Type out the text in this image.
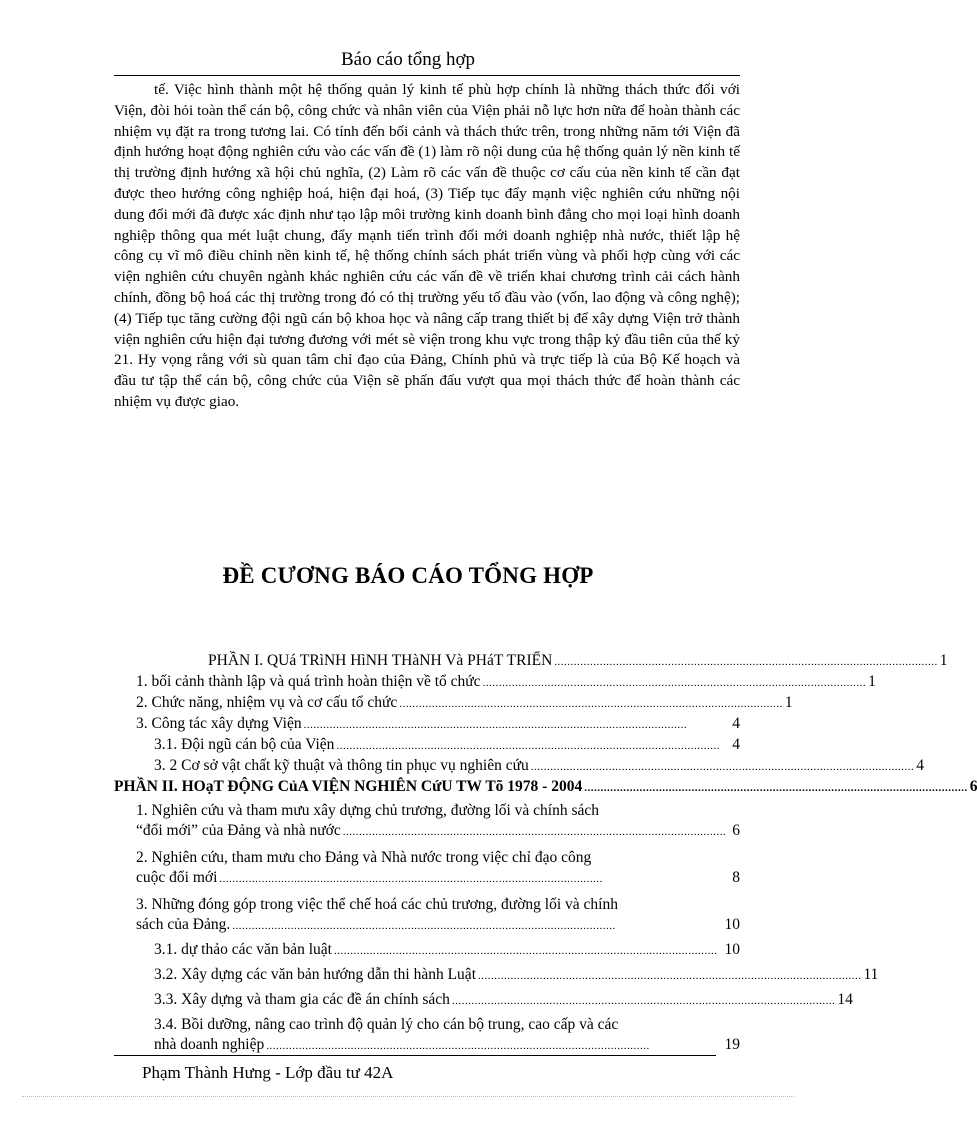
Báo cáo tổng hợp

tế. Việc hình thành một hệ thống quản lý kinh tế phù hợp chính là những thách thức đối với Viện, đòi hỏi toàn thể cán bộ, công chức và nhân viên của Viện phải nỗ lực hơn nữa để hoàn thành các nhiệm vụ đặt ra trong tương lai. Có tính đến bối cảnh và thách thức trên, trong những năm tới Viện đã định hướng hoạt động nghiên cứu vào các vấn đề (1) làm rõ nội dung của hệ thống quản lý nền kinh tế thị trường định hướng xã hội chủ nghĩa, (2) Làm rõ các vấn đề thuộc cơ cấu của nền kinh tế cần đạt được theo hướng công nghiệp hoá, hiện đại hoá, (3) Tiếp tục đẩy mạnh việc nghiên cứu những nội dung đổi mới đã được xác định như tạo lập môi trường kinh doanh bình đẳng cho mọi loại hình doanh nghiệp thông qua mét luật chung, đẩy mạnh tiến trình đổi mới doanh nghiệp nhà nước, thiết lập hệ công cụ vĩ mô điều chỉnh nền kinh tế, hệ thống chính sách phát triển vùng và phối hợp cùng với các viện nghiên cứu chuyên ngành khác nghiên cứu các vấn đề về triển khai chương trình cải cách hành chính, đồng bộ hoá các thị trường trong đó có thị trường yếu tố đầu vào (vốn, lao động và công nghệ); (4) Tiếp tục tăng cường đội ngũ cán bộ khoa học và nâng cấp trang thiết bị để xây dựng Viện trở thành viện nghiên cứu hiện đại tương đương với mét sè viện trong khu vực trong thập kỷ đầu tiên của thế kỷ 21. Hy vọng rằng với sù quan tâm chỉ đạo của Đảng, Chính phủ và trực tiếp là của Bộ Kế hoạch và đầu tư tập thể cán bộ, công chức của Viện sẽ phấn đấu vượt qua mọi thách thức để hoàn thành các nhiệm vụ được giao.

ĐỀ CƯƠNG BÁO CÁO TỔNG HỢP
PHẦN I. QUá TRìNH HìNH THàNH Và PHáT TRIỂN ...................................................................................................................... 1
1. bối cảnh thành lập và quá trình hoàn thiện về tổ chức ...................................................................................................................... 1
2. Chức năng, nhiệm vụ và cơ cấu tổ chức ...................................................................................................................... 1
3. Công tác xây dựng Viện ......................................................................................................................	4
3.1. Đội ngũ cán bộ của Viện ...................................................................................................................... 4
3. 2 Cơ sở vật chất kỹ thuật và thông tin phục vụ nghiên cứu ...................................................................................................................... 4
PHẦN II. HOạT ĐỘNG CủA VIỆN NGHIÊN CứU TW Tõ 1978 - 2004 ...................................................................................................................... 6
1. Nghiên cứu và tham mưu xây dựng chủ trương, đường lối và chính sách
“đổi mới” của Đảng và nhà nước ...................................................................................................................... 6
2. Nghiên cứu, tham mưu cho Đảng và Nhà nước trong việc chỉ đạo công
cuộc đổi mới ......................................................................................................................	8
3. Những đóng góp trong việc thể chế hoá các chủ trương, đường lối và chính
sách của Đảng. ......................................................................................................................	10
3.1. dự thảo các văn bản luật ...................................................................................................................... 10
3.2. Xây dựng các văn bản hướng dẫn thi hành Luật ...................................................................................................................... 11
3.3. Xây dựng và tham gia các đề án chính sách ...................................................................................................................... 14
3.4. Bồi dưỡng, nâng cao trình độ quản lý cho cán bộ trung, cao cấp và các
nhà doanh nghiệp ......................................................................................................................	19
Phạm Thành Hưng - Lớp đầu tư 42A
